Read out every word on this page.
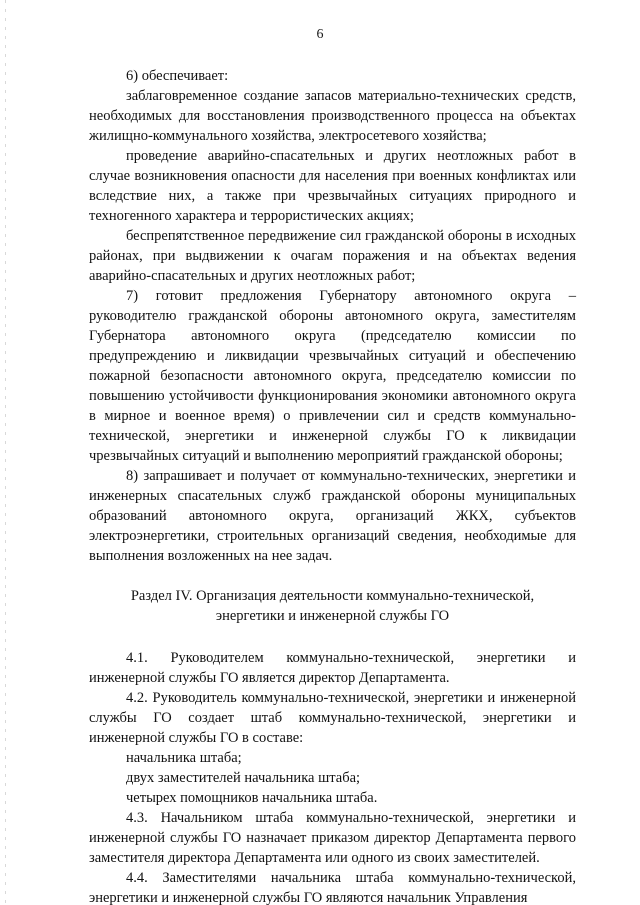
6

6) обеспечивает:

заблаговременное создание запасов материально-технических средств, необходимых для восстановления производственного процесса на объектах жилищно-коммунального хозяйства, электросетевого хозяйства;

проведение аварийно-спасательных и других неотложных работ в случае возникновения опасности для населения при военных конфликтах или вследствие них, а также при чрезвычайных ситуациях природного и техногенного характера и террористических акциях;

беспрепятственное передвижение сил гражданской обороны в исходных районах, при выдвижении к очагам поражения и на объектах ведения аварийно-спасательных и других неотложных работ;

7) готовит предложения Губернатору автономного округа – руководителю гражданской обороны автономного округа, заместителям Губернатора автономного округа (председателю комиссии по предупреждению и ликвидации чрезвычайных ситуаций и обеспечению пожарной безопасности автономного округа, председателю комиссии по повышению устойчивости функционирования экономики автономного округа в мирное и военное время) о привлечении сил и средств коммунально-технической, энергетики и инженерной службы ГО к ликвидации чрезвычайных ситуаций и выполнению мероприятий гражданской обороны;

8) запрашивает и получает от коммунально-технических, энергетики и инженерных спасательных служб гражданской обороны муниципальных образований автономного округа, организаций ЖКХ, субъектов электроэнергетики, строительных организаций сведения, необходимые для выполнения возложенных на нее задач.

Раздел IV. Организация деятельности коммунально-технической,
энергетики и инженерной службы ГО

4.1. Руководителем коммунально-технической, энергетики и инженерной службы ГО является директор Департамента.

4.2. Руководитель коммунально-технической, энергетики и инженерной службы ГО создает штаб коммунально-технической, энергетики и инженерной службы ГО в составе:

начальника штаба;

двух заместителей начальника штаба;

четырех помощников начальника штаба.

4.3. Начальником штаба коммунально-технической, энергетики и инженерной службы ГО назначает приказом директор Департамента первого заместителя директора Департамента или одного из своих заместителей.

4.4. Заместителями начальника штаба коммунально-технической, энергетики и инженерной службы ГО являются начальник Управления
